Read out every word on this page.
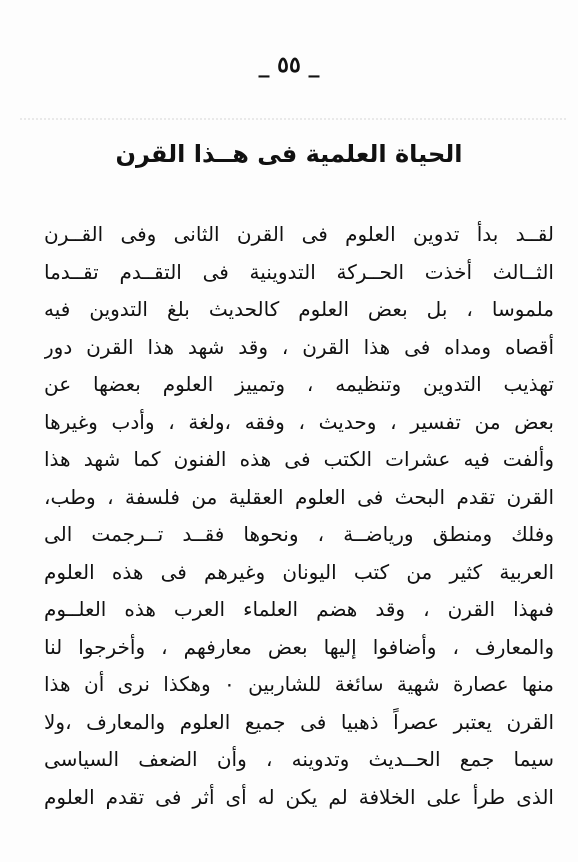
_ ٥٥ _
الحياة العلمية فى هــذا القرن
لقــد بدأ تدوين العلوم فى القرن الثانى وفى القــرن
الثــالث أخذت الحــركة التدوينية فى التقــدم تقــدما
ملموسا ، بل بعض العلوم كالحديث بلغ التدوين فيه
أقصاه ومداه فى هذا القرن ، وقد شهد هذا القرن دور
تهذيب التدوين وتنظيمه ، وتمييز العلوم بعضها عن
بعض من تفسير ، وحديث ، وفقه ،ولغة ، وأدب وغيرها
وألفت فيه عشرات الكتب فى هذه الفنون كما شهد هذا
القرن تقدم البحث فى العلوم العقلية من فلسفة ، وطب،
وفلك ومنطق ورياضــة ، ونحوها فقــد تــرجمت الى
العربية كثير من كتب اليونان وغيرهم فى هذه العلوم
فىهذا القرن ، وقد هضم العلماء العرب هذه العلــوم
والمعارف ، وأضافوا إليها بعض معارفهم ، وأخرجوا لنا
منها عصارة شهية سائغة للشاربين ٠ وهكذا نرى أن هذا
القرن يعتبر عصراً ذهبيا فى جميع العلوم والمعارف ،ولا
سيما جمع الحــديث وتدوينه ، وأن الضعف السياسى
الذى طرأ على الخلافة لم يكن له أى أثر فى تقدم العلوم
